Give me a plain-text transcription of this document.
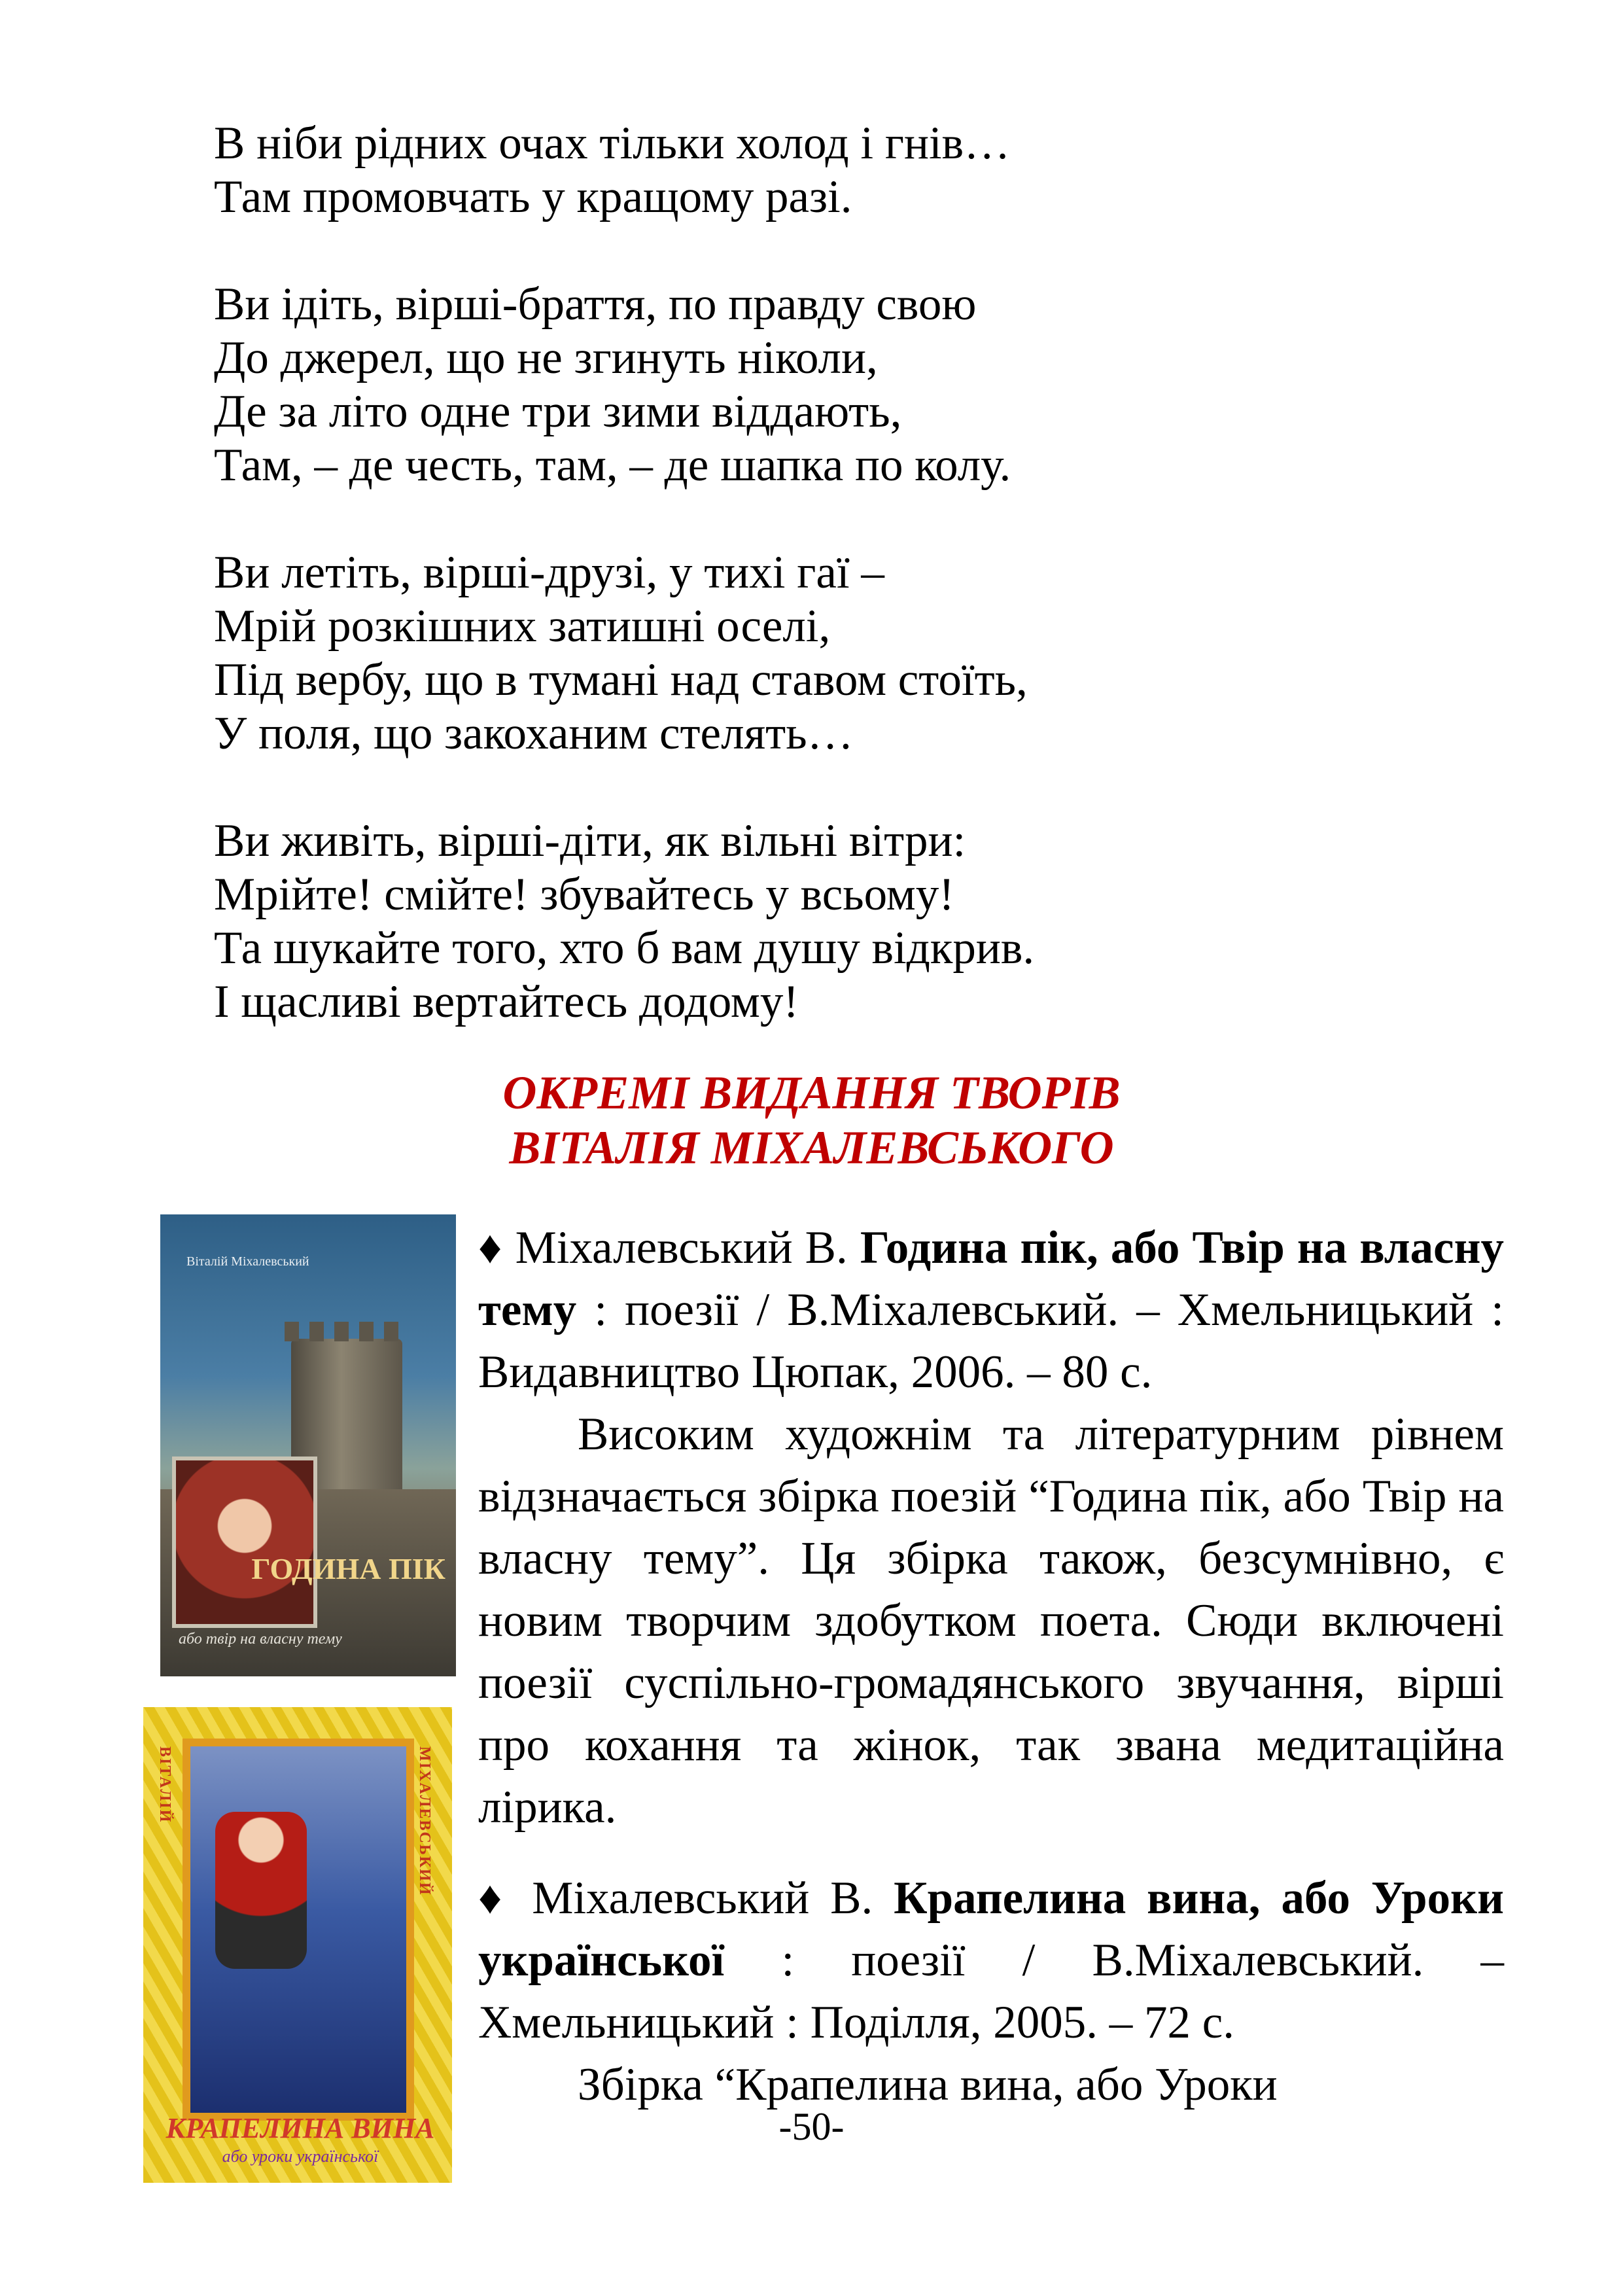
В ніби рідних очах тільки холод і гнів…
Там промовчать у кращому разі.
Ви ідіть, вірші-браття, по правду свою
До джерел, що не згинуть ніколи,
Де за літо одне три зими віддають,
Там, – де честь, там, – де шапка по колу.
Ви летіть, вірші-друзі, у тихі гаї –
Мрій розкішних затишні оселі,
Під вербу, що в тумані над ставом стоїть,
У поля, що закоханим стелять…
Ви живіть, вірші-діти, як вільні вітри:
Мрійте! смійте! збувайтесь у всьому!
Та шукайте того, хто б вам душу відкрив.
І щасливі вертайтесь додому!
ОКРЕМІ ВИДАННЯ ТВОРІВ
ВІТАЛІЯ МІХАЛЕВСЬКОГО
Віталій Міхалевський
ГОДИНА ПІК
або твір на власну тему
ВІТАЛІЙ	МІХАЛЕВСЬКИЙ
КРАПЕЛИНА ВИНА
або уроки української

♦ Міхалевський В. Година пік, або Твір на власну тему : поезії / В.Міхалевський. – Хмельницький : Видавництво Цюпак, 2006. – 80 с.

Високим художнім та літературним рівнем відзначається збірка поезій “Година пік, або Твір на власну тему”. Ця збірка також, безсумнівно, є новим творчим здобутком поета. Сюди включені поезії суспільно-громадянського звучання, вірші про кохання та жінок, так звана медитаційна лірика.

♦ Міхалевський В. Крапелина вина, або Уроки української : поезії / В.Міхалевський. – Хмельницький : Поділля, 2005. – 72 с.

Збірка “Крапелина вина, або Уроки

-50-
